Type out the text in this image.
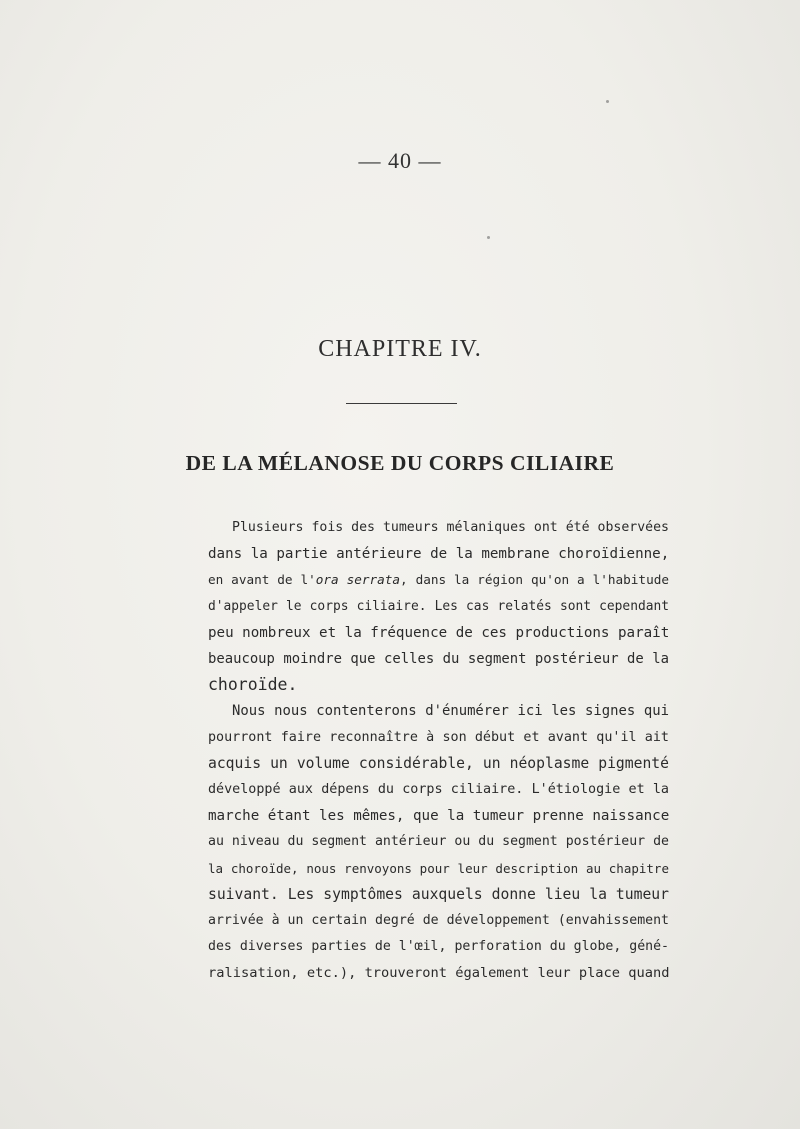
— 40 —
CHAPITRE IV.
DE LA MÉLANOSE DU CORPS CILIAIRE
Plusieurs fois des tumeurs mélaniques ont été observées
dans la partie antérieure de la membrane choroïdienne,
en avant de l'ora serrata, dans la région qu'on a l'habitude
d'appeler le corps ciliaire. Les cas relatés sont cependant
peu nombreux et la fréquence de ces productions paraît
beaucoup moindre que celles du segment postérieur de la
choroïde.
Nous nous contenterons d'énumérer ici les signes qui
pourront faire reconnaître à son début et avant qu'il ait
acquis un volume considérable, un néoplasme pigmenté
développé aux dépens du corps ciliaire. L'étiologie et la
marche étant les mêmes, que la tumeur prenne naissance
au niveau du segment antérieur ou du segment postérieur de
la choroïde, nous renvoyons pour leur description au chapitre
suivant. Les symptômes auxquels donne lieu la tumeur
arrivée à un certain degré de développement (envahissement
des diverses parties de l'œil, perforation du globe, géné-
ralisation, etc.), trouveront également leur place quand
